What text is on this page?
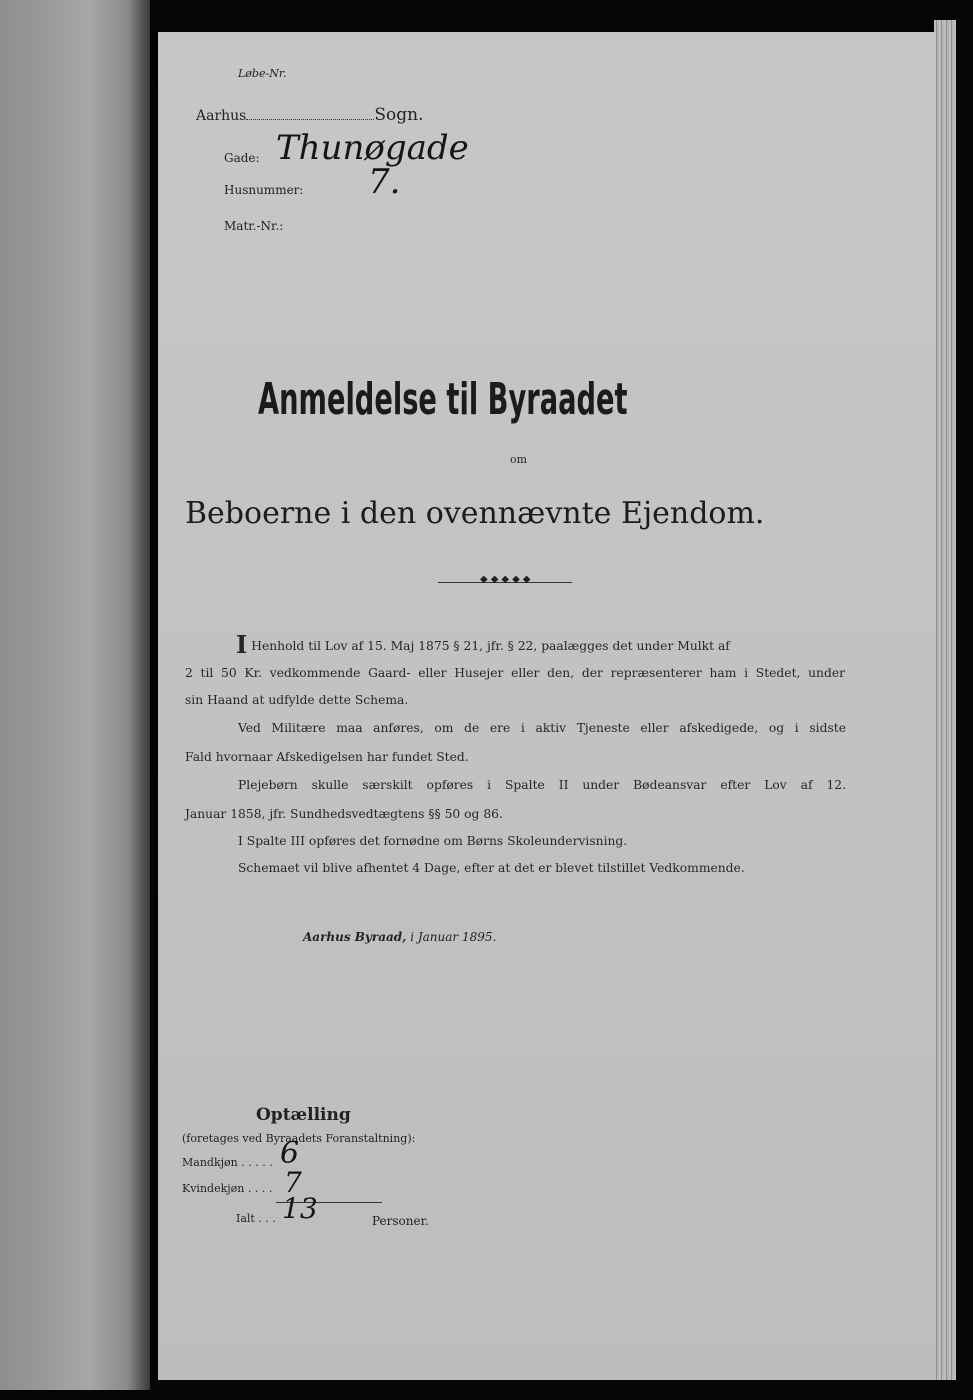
Løbe-Nr.
Aarhus	Sogn.
Gade: Thunøgade
Husnummer: 7.
Matr.-Nr.:
Anmeldelse til Byraadet
om
Beboerne i den ovennævnte Ejendom.
◆◆◆◆◆
I Henhold til Lov af 15. Maj 1875 § 21, jfr. § 22, paalægges det under Mulkt af
2 til 50 Kr. vedkommende Gaard- eller Husejer eller den, der repræsenterer ham i Stedet, under
sin Haand at udfylde dette Schema.
Ved Militære maa anføres, om de ere i aktiv Tjeneste eller afskedigede, og i sidste
Fald hvornaar Afskedigelsen har fundet Sted.
Plejebørn skulle særskilt opføres i Spalte II under Bødeansvar efter Lov af 12.
Januar 1858, jfr. Sundhedsvedtægtens §§ 50 og 86.
I Spalte III opføres det fornødne om Børns Skoleundervisning.
Schemaet vil blive afhentet 4 Dage, efter at det er blevet tilstillet Vedkommende.
Aarhus Byraad, i Januar 1895.
Optælling
(foretages ved Byraadets Foranstaltning):
Mandkjøn . . . . . 6
Kvindekjøn . . . . 7
Ialt . . . 13	Personer.
